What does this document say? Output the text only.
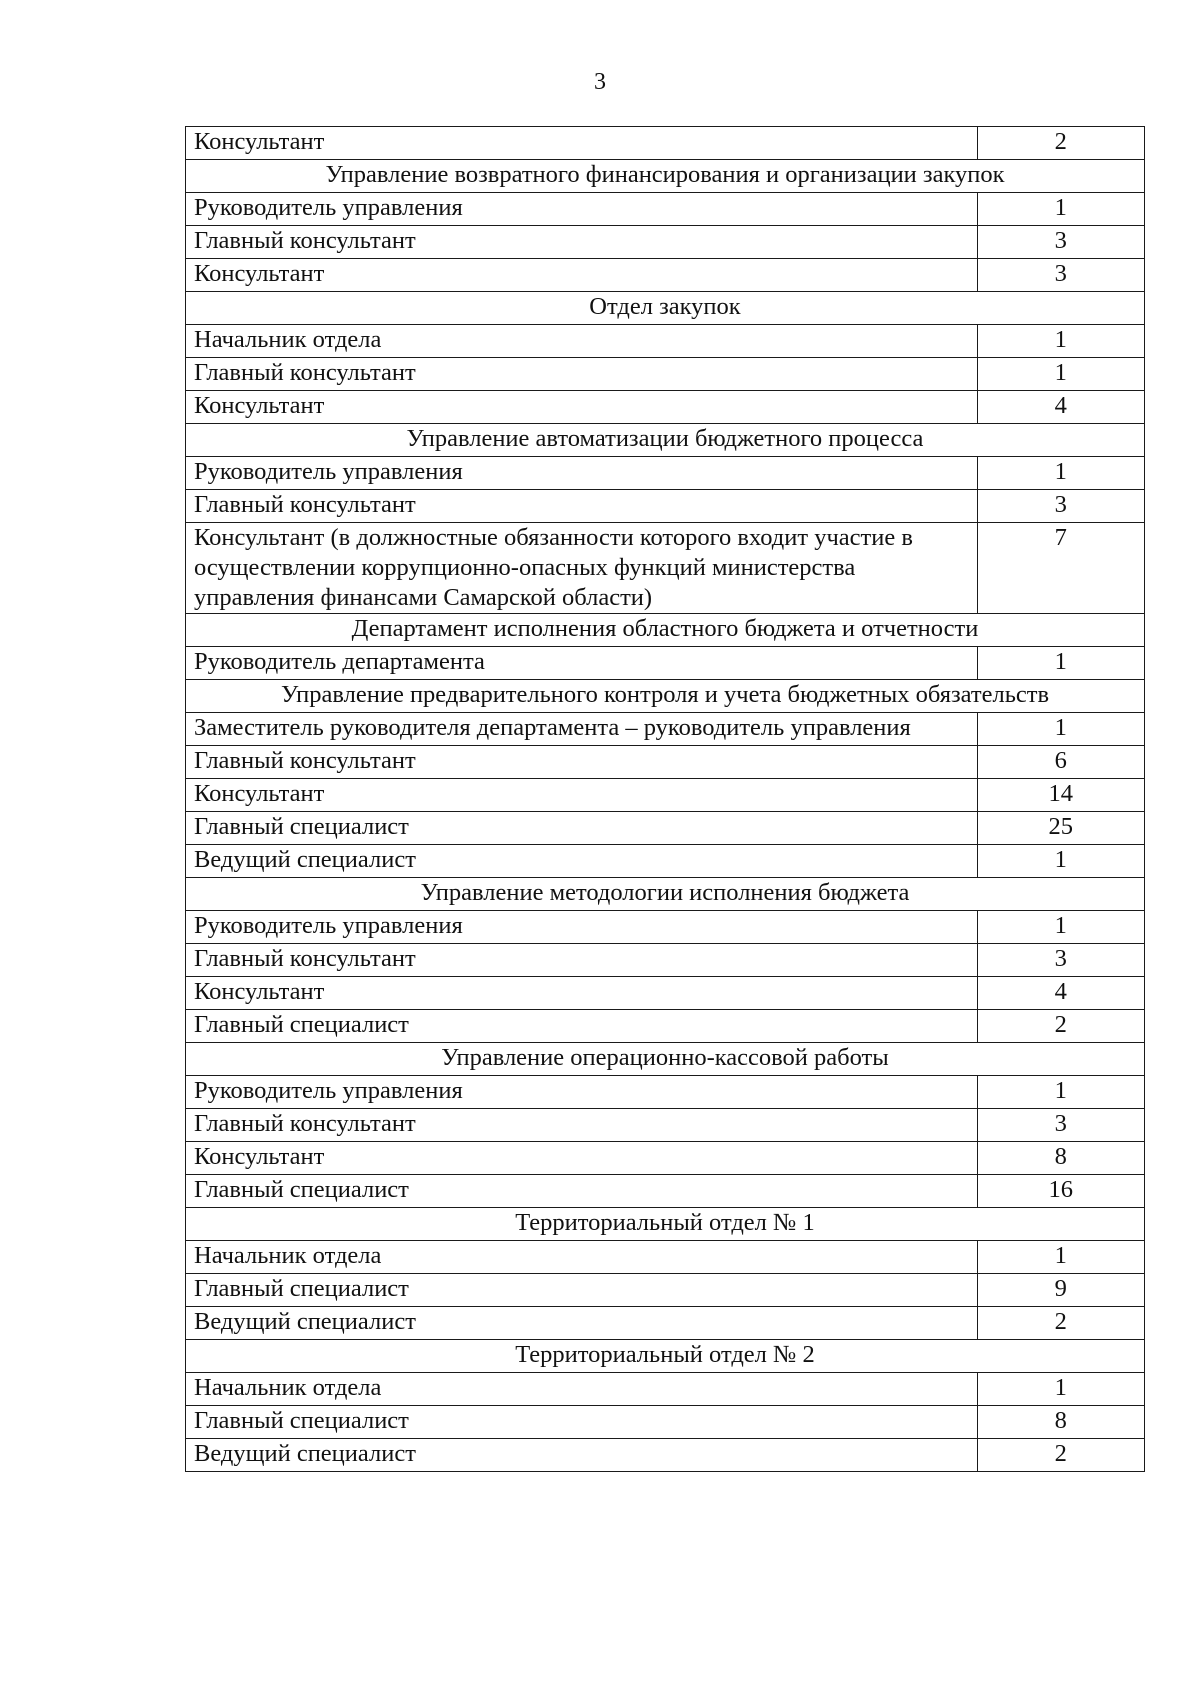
3
Консультант	2
Управление возвратного финансирования и организации закупок	
Руководитель управления	1
Главный консультант	3
Консультант	3
Отдел закупок	
Начальник отдела	1
Главный консультант	1
Консультант	4
Управление автоматизации бюджетного процесса	
Руководитель управления	1
Главный консультант	3
Консультант (в должностные обязанности которого входит участие в осуществлении коррупционно-опасных функций министерства управления финансами Самарской области)	7
Департамент исполнения областного бюджета и отчетности	
Руководитель департамента	1
Управление предварительного контроля и учета бюджетных обязательств	
Заместитель руководителя департамента – руководитель управления	1
Главный консультант	6
Консультант	14
Главный специалист	25
Ведущий специалист	1
Управление методологии исполнения бюджета	
Руководитель управления	1
Главный консультант	3
Консультант	4
Главный специалист	2
Управление операционно-кассовой работы	
Руководитель управления	1
Главный консультант	3
Консультант	8
Главный специалист	16
Территориальный отдел № 1	
Начальник отдела	1
Главный специалист	9
Ведущий специалист	2
Территориальный отдел № 2	
Начальник отдела	1
Главный специалист	8
Ведущий специалист	2
